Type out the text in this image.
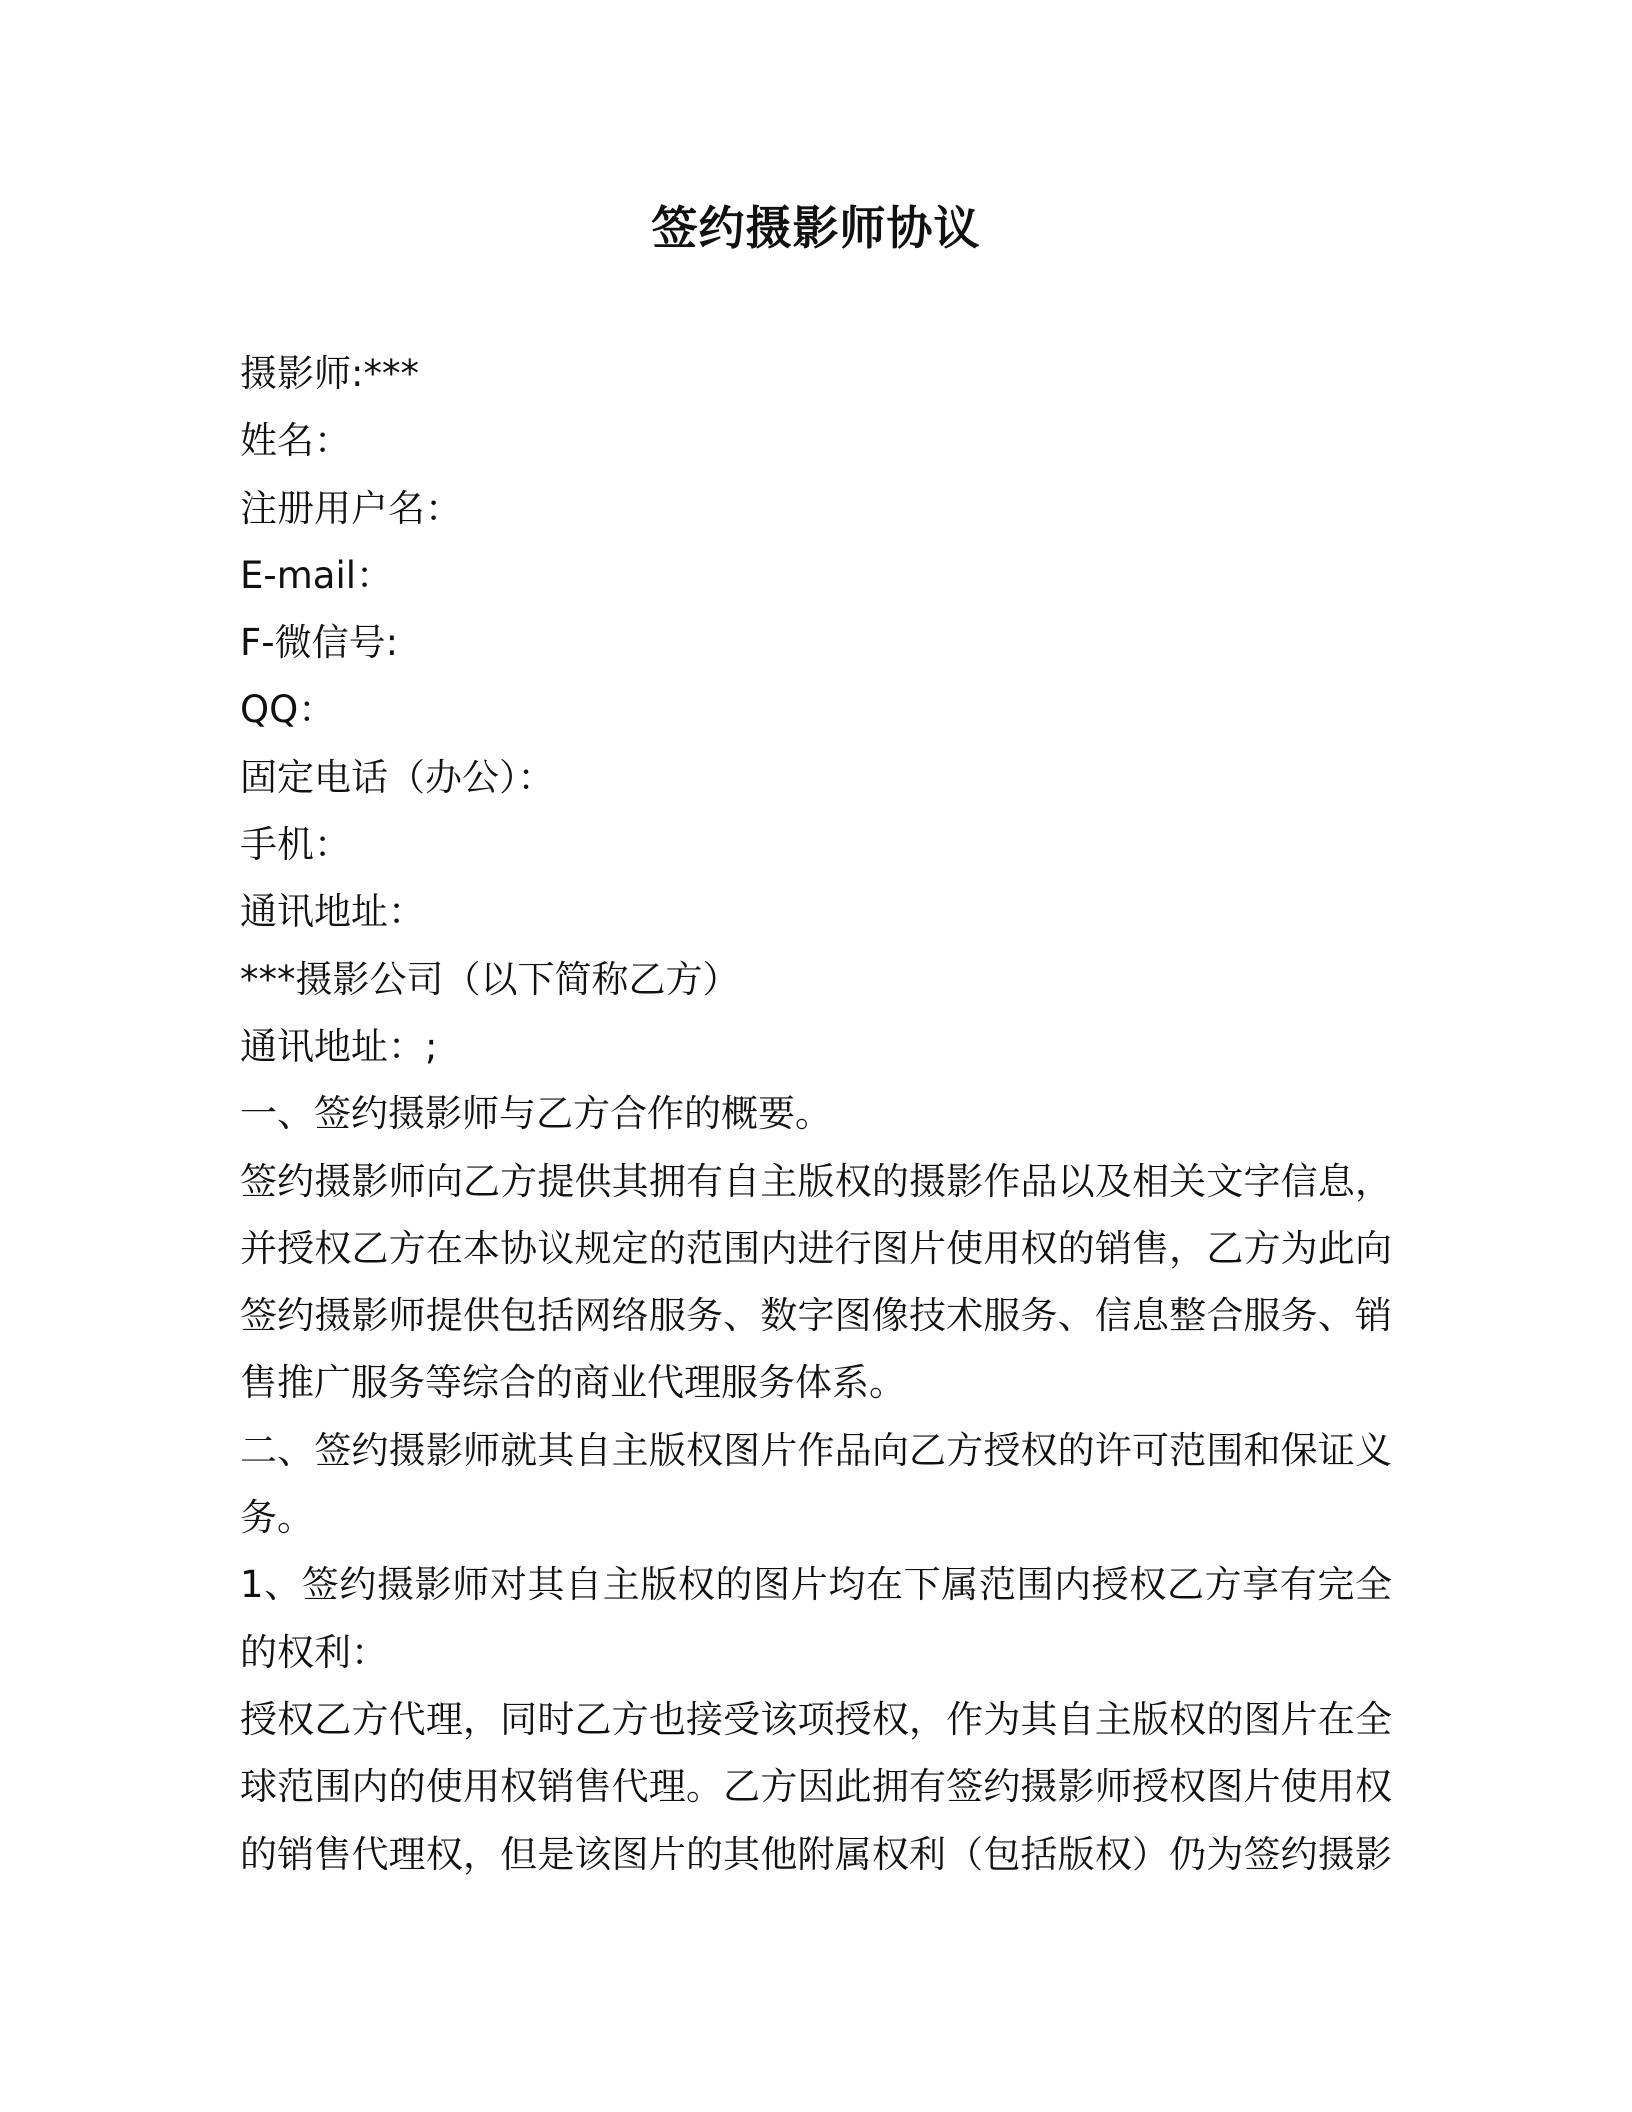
签约摄影师协议

摄影师:***

姓名：

注册用户名：

E-mail：

F-微信号:

QQ：

固定电话（办公）：

手机：

通讯地址：

***摄影公司（以下简称乙方）

通讯地址：;

一、签约摄影师与乙方合作的概要。

签约摄影师向乙方提供其拥有自主版权的摄影作品以及相关文字信息，

并授权乙方在本协议规定的范围内进行图片使用权的销售，乙方为此向

签约摄影师提供包括网络服务、数字图像技术服务、信息整合服务、销

售推广服务等综合的商业代理服务体系。

二、签约摄影师就其自主版权图片作品向乙方授权的许可范围和保证义

务。

1、签约摄影师对其自主版权的图片均在下属范围内授权乙方享有完全

的权利：

授权乙方代理，同时乙方也接受该项授权，作为其自主版权的图片在全

球范围内的使用权销售代理。乙方因此拥有签约摄影师授权图片使用权

的销售代理权，但是该图片的其他附属权利（包括版权）仍为签约摄影
